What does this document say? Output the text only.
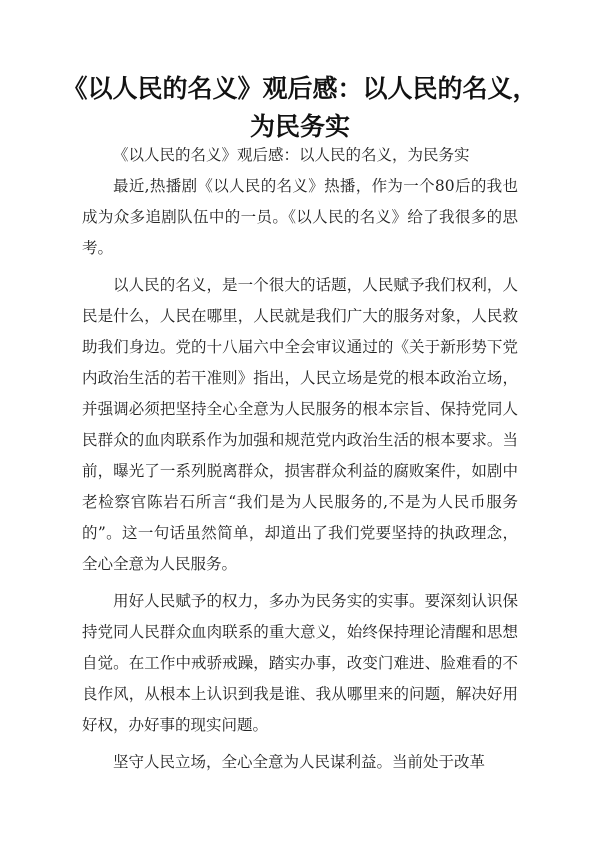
《以人民的名义》观后感：以人民的名义，为民务实

《以人民的名义》观后感：以人民的名义，为民务实

最近,热播剧《以人民的名义》热播，作为一个80后的我也成为众多追剧队伍中的一员。《以人民的名义》给了我很多的思考。

以人民的名义，是一个很大的话题，人民赋予我们权利，人民是什么，人民在哪里，人民就是我们广大的服务对象，人民救助我们身边。党的十八届六中全会审议通过的《关于新形势下党内政治生活的若干准则》指出，人民立场是党的根本政治立场，并强调必须把坚持全心全意为人民服务的根本宗旨、保持党同人民群众的血肉联系作为加强和规范党内政治生活的根本要求。当前，曝光了一系列脱离群众，损害群众利益的腐败案件，如剧中老检察官陈岩石所言“我们是为人民服务的,不是为人民币服务的”。这一句话虽然简单，却道出了我们党要坚持的执政理念，全心全意为人民服务。

用好人民赋予的权力，多办为民务实的实事。要深刻认识保持党同人民群众血肉联系的重大意义，始终保持理论清醒和思想自觉。在工作中戒骄戒躁，踏实办事，改变门难进、脸难看的不良作风，从根本上认识到我是谁、我从哪里来的问题，解决好用好权，办好事的现实问题。

坚守人民立场，全心全意为人民谋利益。当前处于改革
